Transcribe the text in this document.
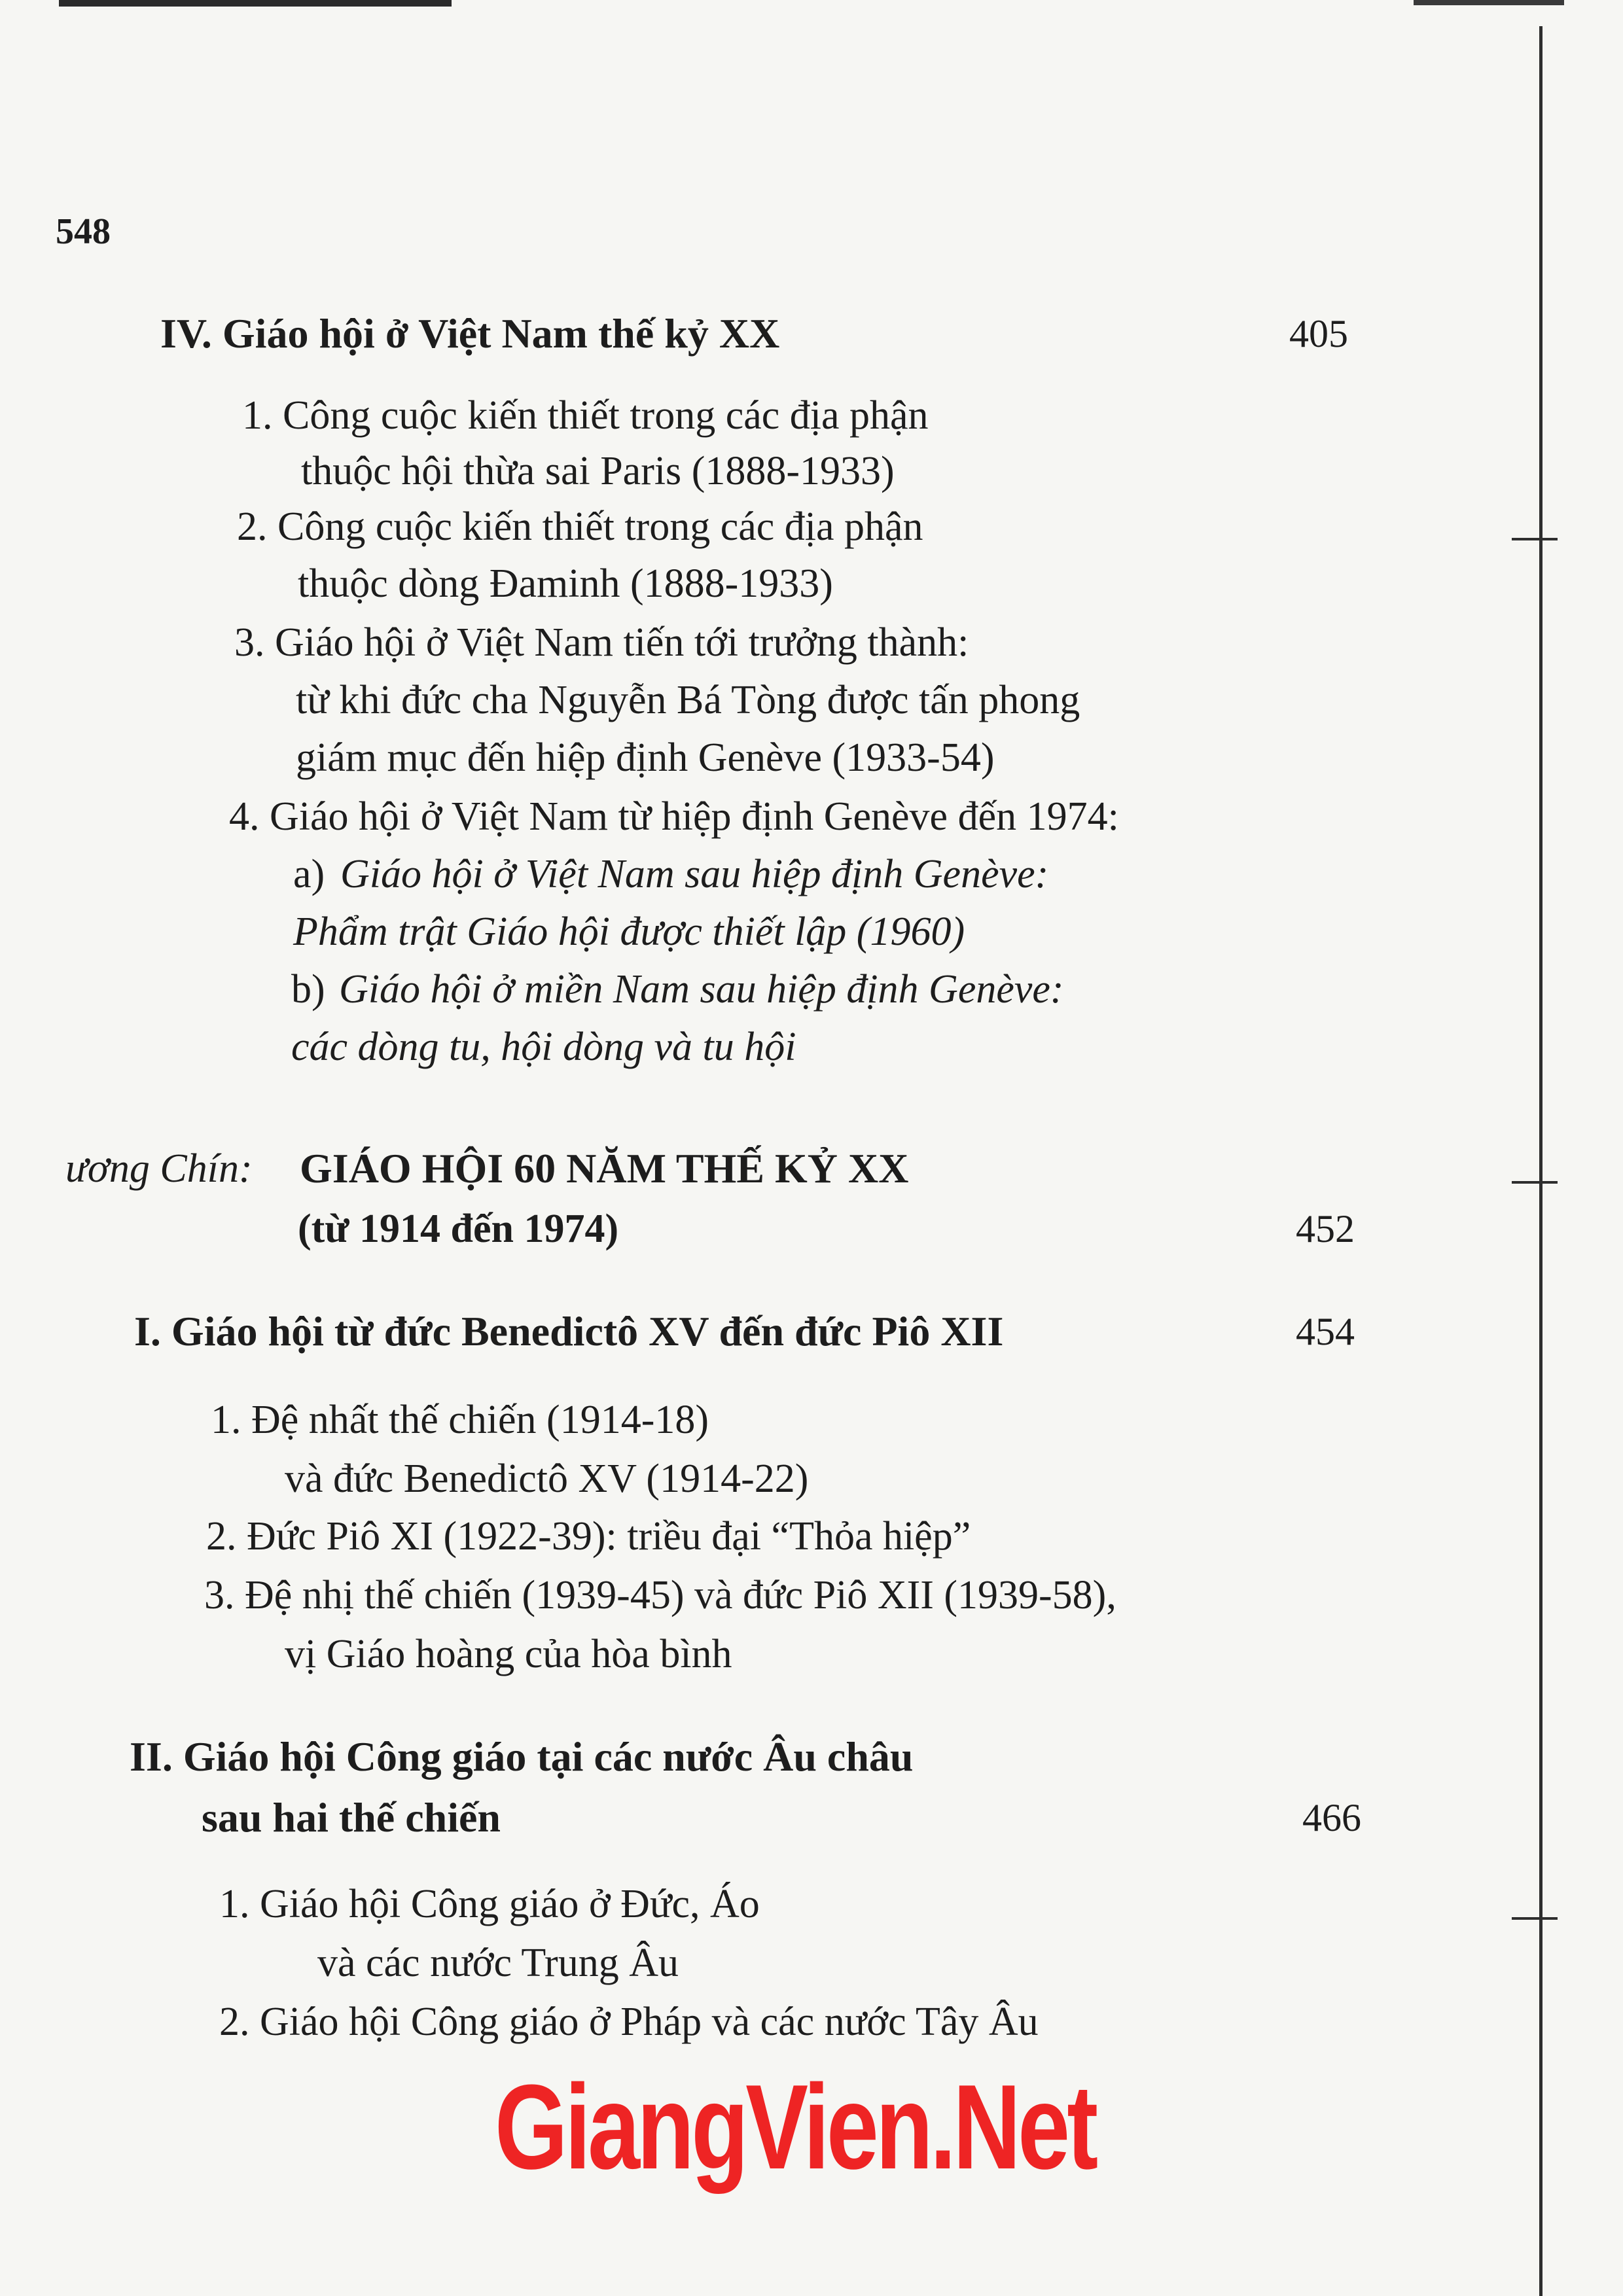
548
IV. Giáo hội ở Việt Nam thế kỷ XX	405
1. Công cuộc kiến thiết trong các địa phận
thuộc hội thừa sai Paris (1888-1933)
2. Công cuộc kiến thiết trong các địa phận
thuộc dòng Đaminh (1888-1933)
3. Giáo hội ở Việt Nam tiến tới trưởng thành:
từ khi đức cha Nguyễn Bá Tòng được tấn phong
giám mục đến hiệp định Genève (1933-54)
4. Giáo hội ở Việt Nam từ hiệp định Genève đến 1974:
a) Giáo hội ở Việt Nam sau hiệp định Genève:
Phẩm trật Giáo hội được thiết lập (1960)
b) Giáo hội ở miền Nam sau hiệp định Genève:
các dòng tu, hội dòng và tu hội
ương Chín: GIÁO HỘI 60 NĂM THẾ KỶ XX
(từ 1914 đến 1974)	452
I. Giáo hội từ đức Benedictô XV đến đức Piô XII	454
1. Đệ nhất thế chiến (1914-18)
và đức Benedictô XV (1914-22)
2. Đức Piô XI (1922-39): triều đại “Thỏa hiệp”
3. Đệ nhị thế chiến (1939-45) và đức Piô XII (1939-58),
vị Giáo hoàng của hòa bình
II. Giáo hội Công giáo tại các nước Âu châu
sau hai thế chiến	466
1. Giáo hội Công giáo ở Đức, Áo
và các nước Trung Âu
2. Giáo hội Công giáo ở Pháp và các nước Tây Âu
GiangVien.Net
